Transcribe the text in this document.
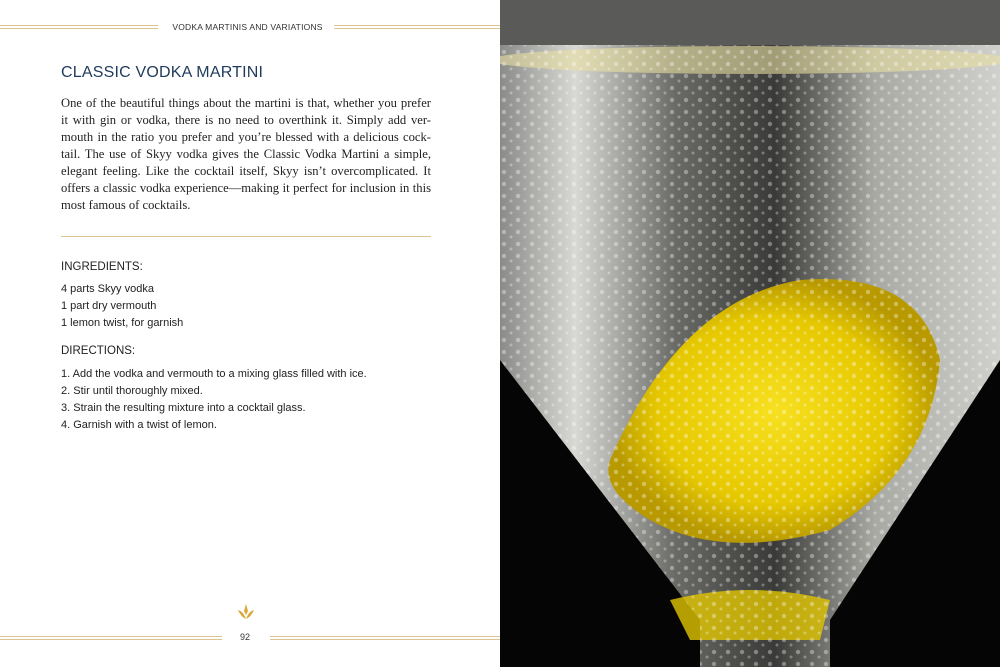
VODKA MARTINIS AND VARIATIONS
CLASSIC VODKA MARTINI
One of the beautiful things about the martini is that, whether you prefer
it with gin or vodka, there is no need to overthink it. Simply add ver-
mouth in the ratio you prefer and you’re blessed with a delicious cock-
tail. The use of Skyy vodka gives the Classic Vodka Martini a simple,
elegant feeling. Like the cocktail itself, Skyy isn’t overcomplicated. It
offers a classic vodka experience—making it perfect for inclusion in this
most famous of cocktails.
INGREDIENTS:
4 parts Skyy vodka
1 part dry vermouth
1 lemon twist, for garnish
DIRECTIONS:
1. Add the vodka and vermouth to a mixing glass filled with ice.
2. Stir until thoroughly mixed.
3. Strain the resulting mixture into a cocktail glass.
4. Garnish with a twist of lemon.
92
